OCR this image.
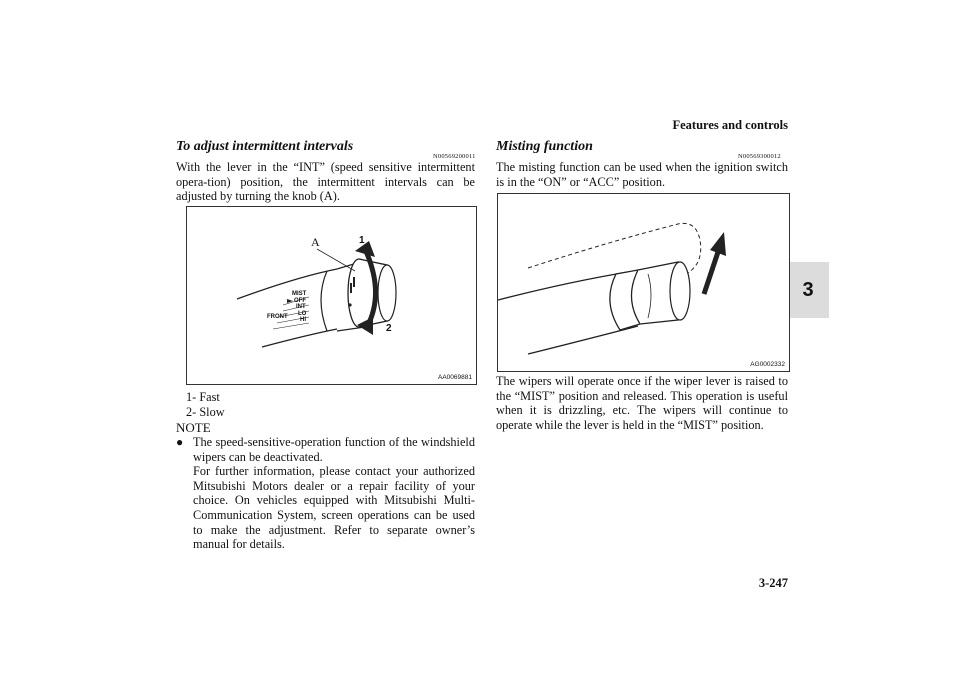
Features and controls
3
To adjust intermittent intervals
N00569200011
With the lever in the “INT” (speed sensitive intermittent opera-tion) position, the intermittent intervals can be adjusted by turning the knob (A).
A	1
2
MIST
OFF
INT
LO
HI
FRONT
AA0069881
1- Fast
2- Slow
NOTE
● The speed-sensitive-operation function of the windshield wipers can be deactivated.
For further information, please contact your authorized Mitsubishi Motors dealer or a repair facility of your choice. On vehicles equipped with Mitsubishi Multi-Communication System, screen operations can be used to make the adjustment. Refer to separate owner’s manual for details.
Misting function
N00569300012
The misting function can be used when the ignition switch is in the “ON” or “ACC” position.
AG0002332
The wipers will operate once if the wiper lever is raised to the “MIST” position and released. This operation is useful when it is drizzling, etc. The wipers will continue to operate while the lever is held in the “MIST” position.
3-247
